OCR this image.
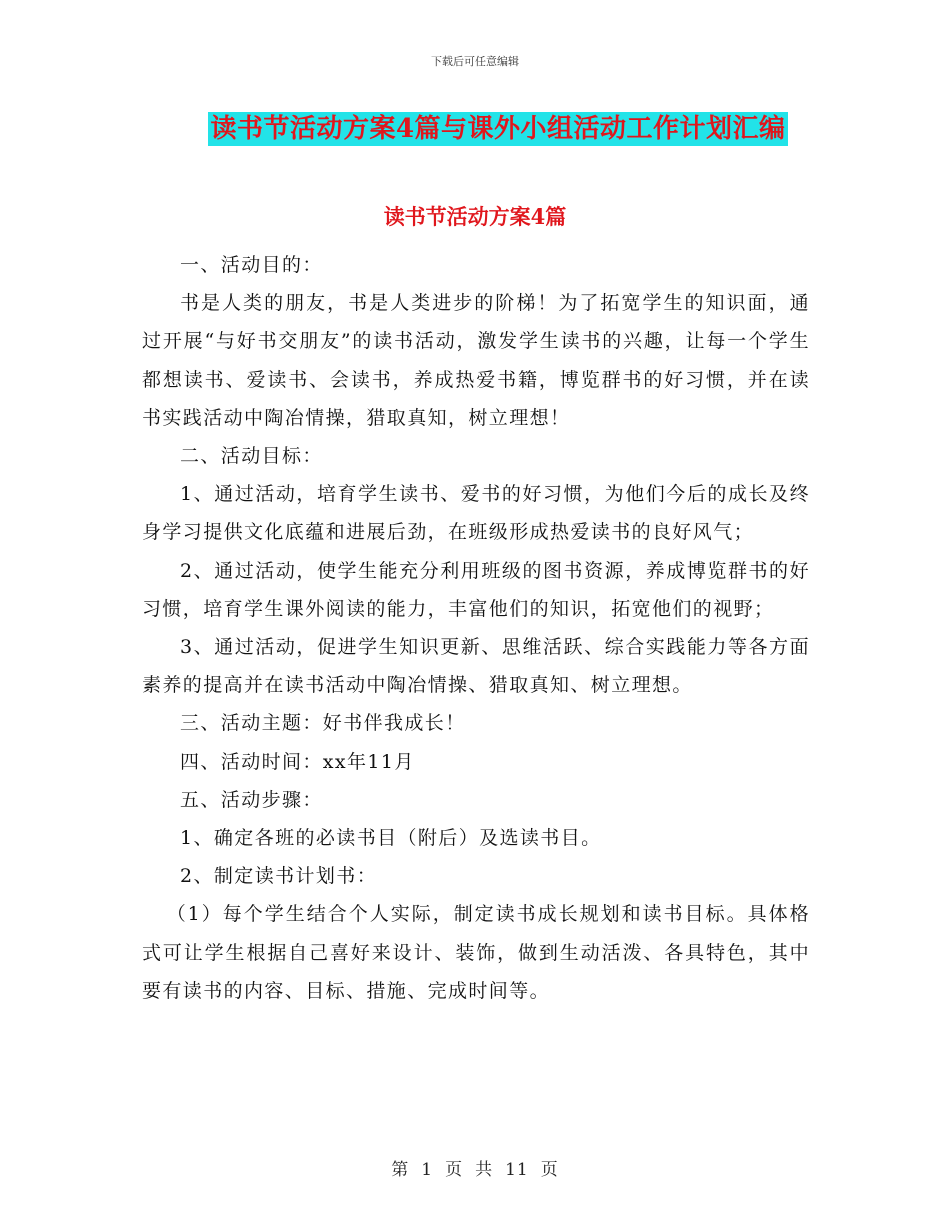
下载后可任意编辑
读书节活动方案4篇与课外小组活动工作计划汇编
读书节活动方案4篇

一、活动目的：

书是人类的朋友，书是人类进步的阶梯！为了拓宽学生的知识面，通过开展“与好书交朋友”的读书活动，激发学生读书的兴趣，让每一个学生都想读书、爱读书、会读书，养成热爱书籍，博览群书的好习惯，并在读书实践活动中陶冶情操，猎取真知，树立理想！

二、活动目标：

1、通过活动，培育学生读书、爱书的好习惯，为他们今后的成长及终身学习提供文化底蕴和进展后劲，在班级形成热爱读书的良好风气；

2、通过活动，使学生能充分利用班级的图书资源，养成博览群书的好习惯，培育学生课外阅读的能力，丰富他们的知识，拓宽他们的视野；

3、通过活动，促进学生知识更新、思维活跃、综合实践能力等各方面素养的提高并在读书活动中陶冶情操、猎取真知、树立理想。

三、活动主题：好书伴我成长！

四、活动时间：xx年11月

五、活动步骤：

1、确定各班的必读书目（附后）及选读书目。

2、制定读书计划书：

（1）每个学生结合个人实际，制定读书成长规划和读书目标。具体格式可让学生根据自己喜好来设计、装饰，做到生动活泼、各具特色，其中要有读书的内容、目标、措施、完成时间等。

第 1 页 共 11 页
